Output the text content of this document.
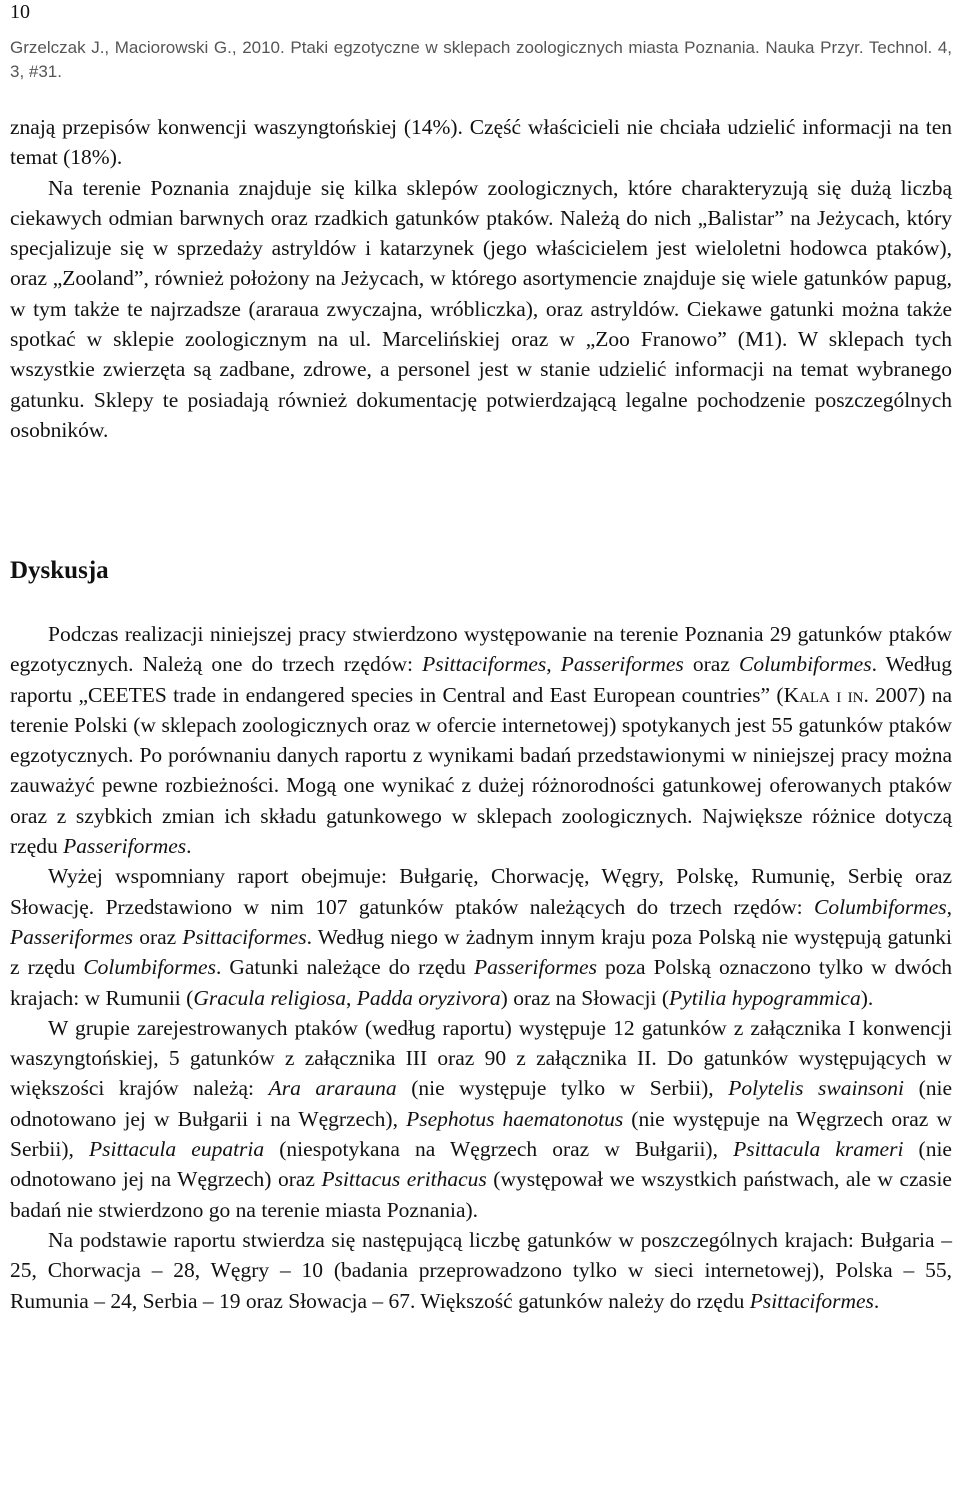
10
Grzelczak J., Maciorowski G., 2010. Ptaki egzotyczne w sklepach zoologicznych miasta Poznania. Nauka Przyr. Technol. 4, 3, #31.

znają przepisów konwencji waszyngtońskiej (14%). Część właścicieli nie chciała udzielić informacji na ten temat (18%).

Na terenie Poznania znajduje się kilka sklepów zoologicznych, które charakteryzują się dużą liczbą ciekawych odmian barwnych oraz rzadkich gatunków ptaków. Należą do nich „Balistar” na Jeżycach, który specjalizuje się w sprzedaży astryldów i katarzynek (jego właścicielem jest wieloletni hodowca ptaków), oraz „Zooland”, również położony na Jeżycach, w którego asortymencie znajduje się wiele gatunków papug, w tym także te najrzadsze (araraua zwyczajna, wróbliczka), oraz astryldów. Ciekawe gatunki można także spotkać w sklepie zoologicznym na ul. Marcelińskiej oraz w „Zoo Franowo” (M1). W sklepach tych wszystkie zwierzęta są zadbane, zdrowe, a personel jest w stanie udzielić informacji na temat wybranego gatunku. Sklepy te posiadają również dokumentację potwierdzającą legalne pochodzenie poszczególnych osobników.

Dyskusja

Podczas realizacji niniejszej pracy stwierdzono występowanie na terenie Poznania 29 gatunków ptaków egzotycznych. Należą one do trzech rzędów: Psittaciformes, Passeriformes oraz Columbiformes. Według raportu „CEETES trade in endangered species in Central and East European countries” (Kala i in. 2007) na terenie Polski (w sklepach zoologicznych oraz w ofercie internetowej) spotykanych jest 55 gatunków ptaków egzotycznych. Po porównaniu danych raportu z wynikami badań przedstawionymi w niniejszej pracy można zauważyć pewne rozbieżności. Mogą one wynikać z dużej różnorodności gatunkowej oferowanych ptaków oraz z szybkich zmian ich składu gatunkowego w sklepach zoologicznych. Największe różnice dotyczą rzędu Passeriformes.

Wyżej wspomniany raport obejmuje: Bułgarię, Chorwację, Węgry, Polskę, Rumunię, Serbię oraz Słowację. Przedstawiono w nim 107 gatunków ptaków należących do trzech rzędów: Columbiformes, Passeriformes oraz Psittaciformes. Według niego w żadnym innym kraju poza Polską nie występują gatunki z rzędu Columbiformes. Gatunki należące do rzędu Passeriformes poza Polską oznaczono tylko w dwóch krajach: w Rumunii (Gracula religiosa, Padda oryzivora) oraz na Słowacji (Pytilia hypogrammica).

W grupie zarejestrowanych ptaków (według raportu) występuje 12 gatunków z załącznika I konwencji waszyngtońskiej, 5 gatunków z załącznika III oraz 90 z załącznika II. Do gatunków występujących w większości krajów należą: Ara ararauna (nie występuje tylko w Serbii), Polytelis swainsoni (nie odnotowano jej w Bułgarii i na Węgrzech), Psephotus haematonotus (nie występuje na Węgrzech oraz w Serbii), Psittacula eupatria (niespotykana na Węgrzech oraz w Bułgarii), Psittacula krameri (nie odnotowano jej na Węgrzech) oraz Psittacus erithacus (występował we wszystkich państwach, ale w czasie badań nie stwierdzono go na terenie miasta Poznania).

Na podstawie raportu stwierdza się następującą liczbę gatunków w poszczególnych krajach: Bułgaria – 25, Chorwacja – 28, Węgry – 10 (badania przeprowadzono tylko w sieci internetowej), Polska – 55, Rumunia – 24, Serbia – 19 oraz Słowacja – 67. Większość gatunków należy do rzędu Psittaciformes.
